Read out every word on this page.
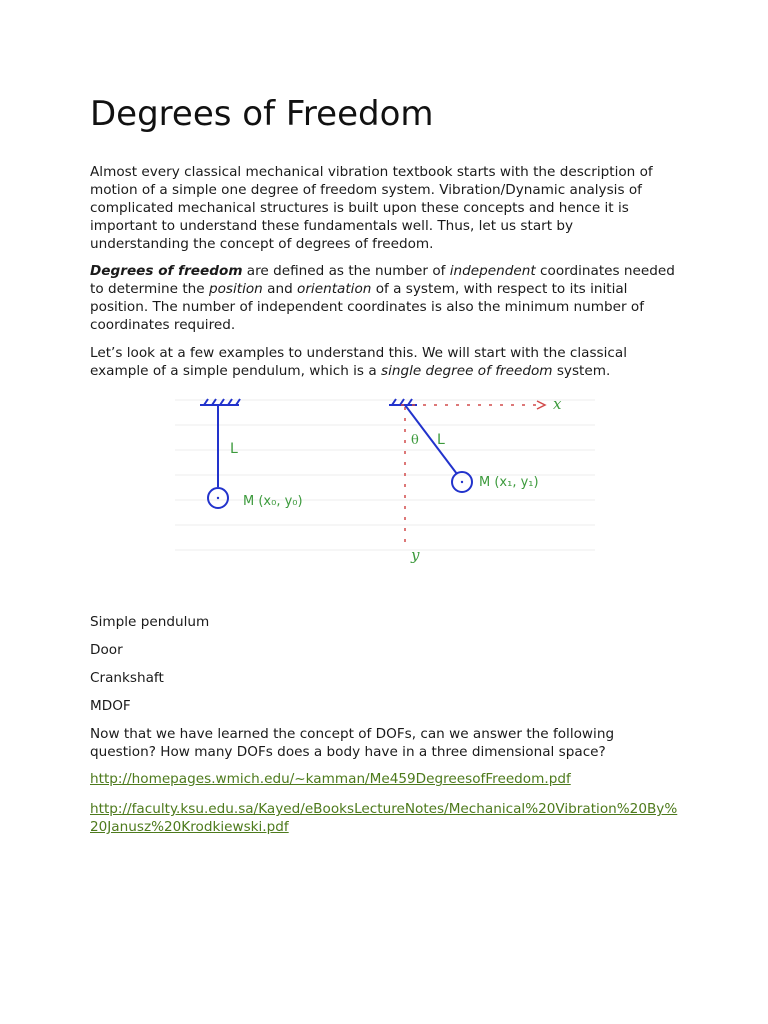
Degrees of Freedom

Almost every classical mechanical vibration textbook starts with the description of motion of a simple one degree of freedom system. Vibration/Dynamic analysis of complicated mechanical structures is built upon these concepts and hence it is important to understand these fundamentals well. Thus, let us start by understanding the concept of degrees of freedom.

Degrees of freedom are defined as the number of independent coordinates needed to determine the position and orientation of a system, with respect to its initial position. The number of independent coordinates is also the minimum number of coordinates required.

Let’s look at a few examples to understand this. We will start with the classical example of a simple pendulum, which is a single degree of freedom system.

L
M (x₀, y₀)
x
y
θ L
M (x₁, y₁)
Simple pendulum
Door
Crankshaft
MDOF

Now that we have learned the concept of DOFs, can we answer the following question? How many DOFs does a body have in a three dimensional space?

http://homepages.wmich.edu/~kamman/Me459DegreesofFreedom.pdf
http://faculty.ksu.edu.sa/Kayed/eBooksLectureNotes/Mechanical%20Vibration%20By%20Janusz%20Krodkiewski.pdf
